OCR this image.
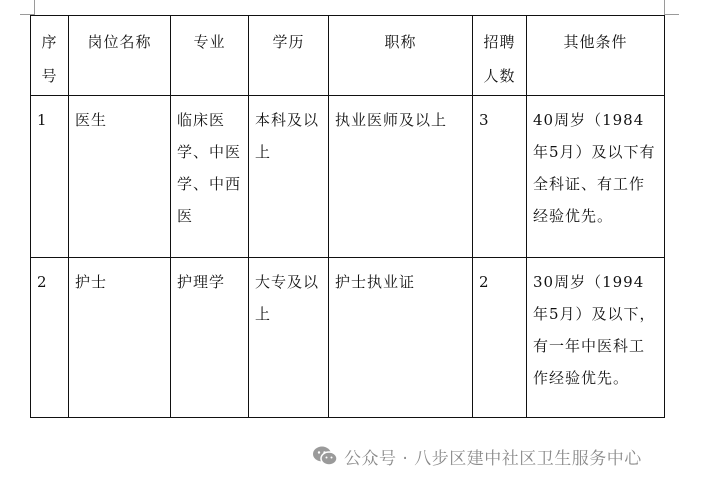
序号	岗位名称	专业	学历	职称	招聘人数	其他条件
1	医生	临床医学、中医学、中西医	本科及以上	执业医师及以上	3	40周岁（1984年5月）及以下有全科证、有工作经验优先。
2	护士	护理学	大专及以上	护士执业证	2	30周岁（1994年5月）及以下，有一年中医科工作经验优先。
公众号 · 八步区建中社区卫生服务中心
